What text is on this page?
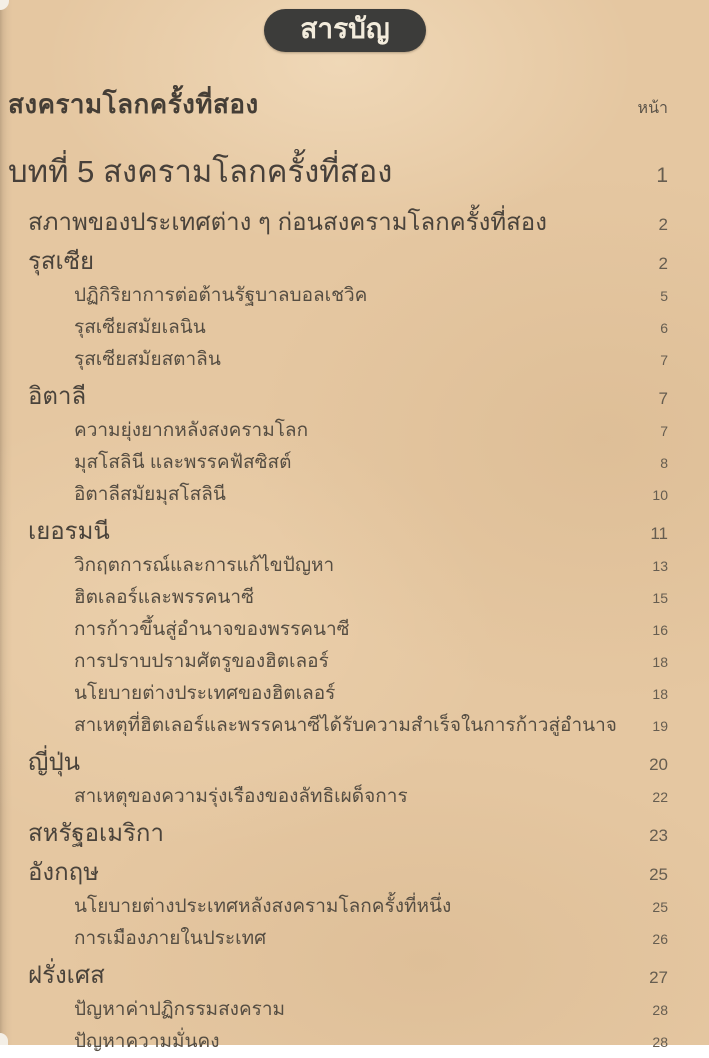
สารบัญ
สงครามโลกครั้งที่สอง	หน้า
บทที่ 5 สงครามโลกครั้งที่สอง	1
สภาพของประเทศต่าง ๆ ก่อนสงครามโลกครั้งที่สอง	2
รุสเซีย	2
ปฏิกิริยาการต่อต้านรัฐบาลบอลเชวิค	5
รุสเซียสมัยเลนิน	6
รุสเซียสมัยสตาลิน	7
อิตาลี	7
ความยุ่งยากหลังสงครามโลก	7
มุสโสลินี และพรรคฟัสซิสต์	8
อิตาลีสมัยมุสโสลินี	10
เยอรมนี	11
วิกฤตการณ์และการแก้ไขปัญหา	13
ฮิตเลอร์และพรรคนาซี	15
การก้าวขึ้นสู่อำนาจของพรรคนาซี	16
การปราบปรามศัตรูของฮิตเลอร์	18
นโยบายต่างประเทศของฮิตเลอร์	18
สาเหตุที่ฮิตเลอร์และพรรคนาซีได้รับความสำเร็จในการก้าวสู่อำนาจ	19
ญี่ปุ่น	20
สาเหตุของความรุ่งเรืองของลัทธิเผด็จการ	22
สหรัฐอเมริกา	23
อังกฤษ	25
นโยบายต่างประเทศหลังสงครามโลกครั้งที่หนึ่ง	25
การเมืองภายในประเทศ	26
ฝรั่งเศส	27
ปัญหาค่าปฏิกรรมสงคราม	28
ปัญหาความมั่นคง	28
